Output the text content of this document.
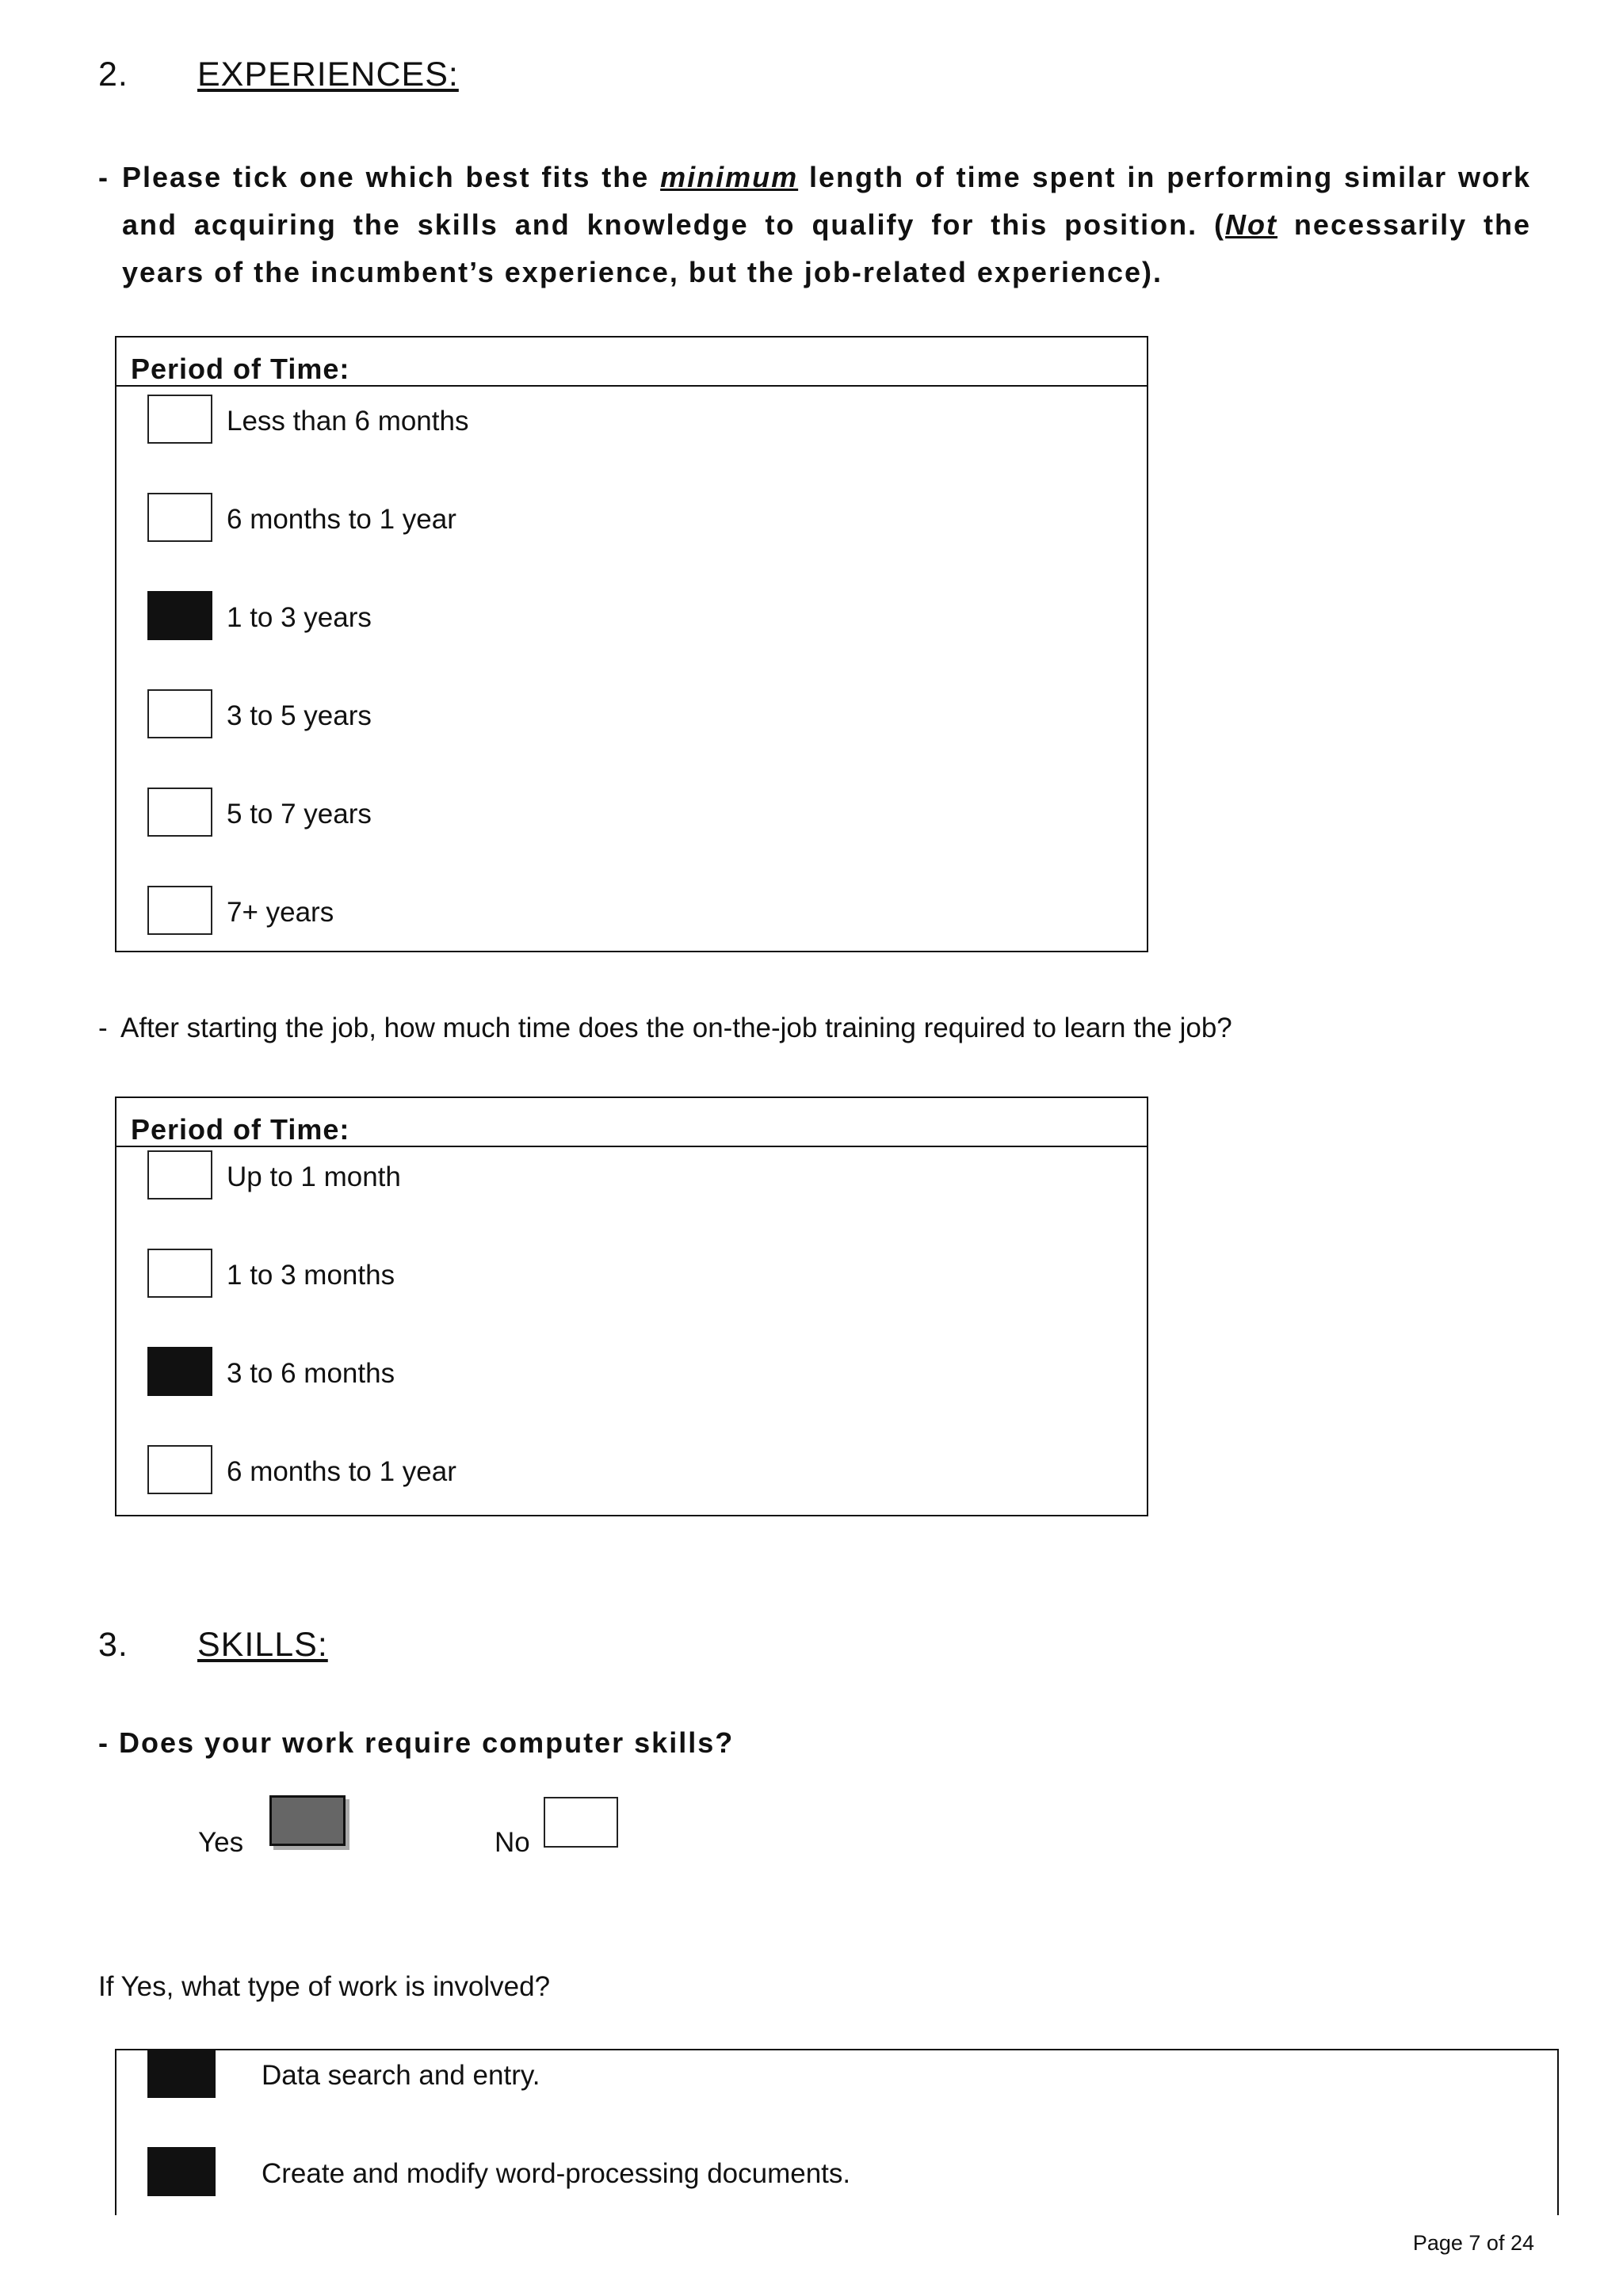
2. EXPERIENCES:
- Please tick one which best fits the minimum length of time spent in performing similar work and acquiring the skills and knowledge to qualify for this position. (Not necessarily the years of the incumbent’s experience, but the job-related experience).
Period of Time:
Less than 6 months
6 months to 1 year
1 to 3 years
3 to 5 years
5 to 7 years
7+ years
- After starting the job, how much time does the on-the-job training required to learn the job?
Period of Time:
Up to 1 month
1 to 3 months
3 to 6 months
6 months to 1 year
3. SKILLS:
- Does your work require computer skills?
Yes	No
If Yes, what type of work is involved?
Data search and entry.
Create and modify word-processing documents.
Page 7 of 24
